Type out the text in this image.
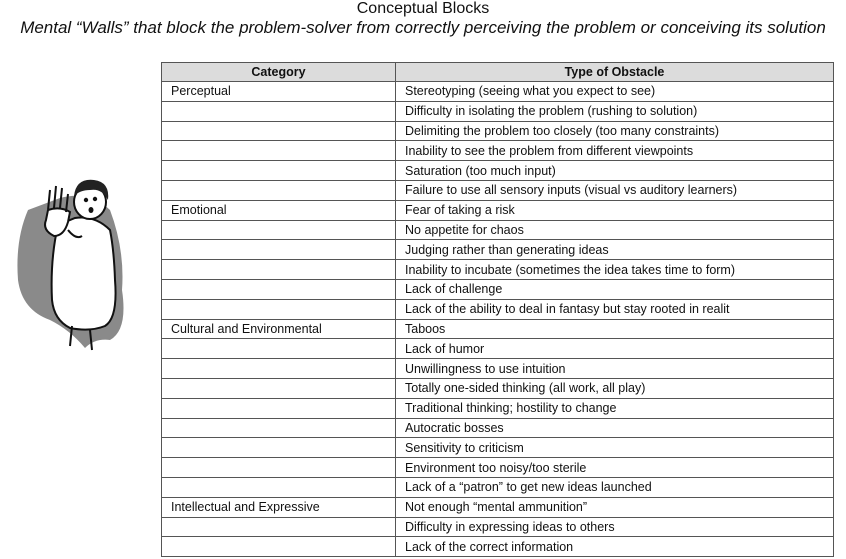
Conceptual Blocks
Mental “Walls” that block the problem-solver from correctly perceiving the problem or conceiving its solution
Category	Type of Obstacle
Perceptual	Stereotyping (seeing what you expect to see)
	Difficulty in isolating the problem (rushing to solution)
	Delimiting the problem too closely (too many constraints)
	Inability to see the problem from different viewpoints
	Saturation (too much input)
	Failure to use all sensory inputs (visual vs auditory learners)
Emotional	Fear of taking a risk
	No appetite for chaos
	Judging rather than generating ideas
	Inability to incubate (sometimes the idea takes time to form)
	Lack of challenge
	Lack of the ability to deal in fantasy but stay rooted in realit
Cultural and Environmental	Taboos
	Lack of humor
	Unwillingness to use intuition
	Totally one-sided thinking (all work, all play)
	Traditional thinking; hostility to change
	Autocratic bosses
	Sensitivity to criticism
	Environment too noisy/too sterile
	Lack of a “patron” to get new ideas launched
Intellectual and Expressive	Not enough “mental ammunition”
	Difficulty in expressing ideas to others
	Lack of the correct information
